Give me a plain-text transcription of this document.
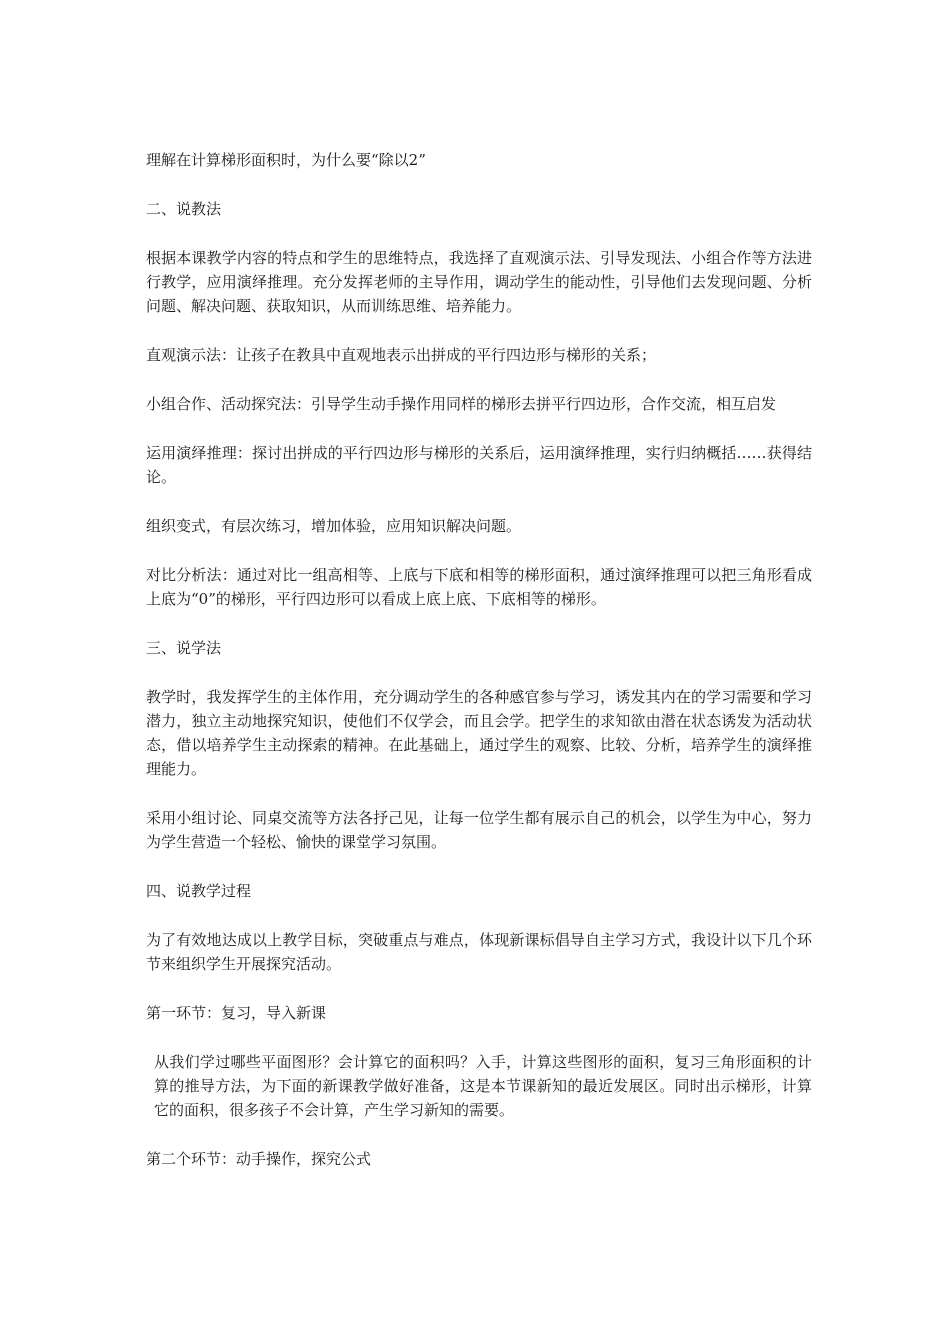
理解在计算梯形面积时，为什么要“除以2”

二、说教法

根据本课教学内容的特点和学生的思维特点，我选择了直观演示法、引导发现法、小组合作等方法进行教学，应用演绎推理。充分发挥老师的主导作用，调动学生的能动性，引导他们去发现问题、分析问题、解决问题、获取知识，从而训练思维、培养能力。

直观演示法：让孩子在教具中直观地表示出拼成的平行四边形与梯形的关系；

小组合作、活动探究法：引导学生动手操作用同样的梯形去拼平行四边形，合作交流，相互启发

运用演绎推理：探讨出拼成的平行四边形与梯形的关系后，运用演绎推理，实行归纳概括……获得结论。

组织变式，有层次练习，增加体验，应用知识解决问题。

对比分析法：通过对比一组高相等、上底与下底和相等的梯形面积，通过演绎推理可以把三角形看成上底为“0”的梯形，平行四边形可以看成上底上底、下底相等的梯形。

三、说学法

教学时，我发挥学生的主体作用，充分调动学生的各种感官参与学习，诱发其内在的学习需要和学习潜力，独立主动地探究知识，使他们不仅学会，而且会学。把学生的求知欲由潜在状态诱发为活动状态，借以培养学生主动探索的精神。在此基础上，通过学生的观察、比较、分析，培养学生的演绎推理能力。

采用小组讨论、同桌交流等方法各抒己见，让每一位学生都有展示自己的机会，以学生为中心，努力为学生营造一个轻松、愉快的课堂学习氛围。

四、说教学过程

为了有效地达成以上教学目标，突破重点与难点，体现新课标倡导自主学习方式，我设计以下几个环节来组织学生开展探究活动。

第一环节：复习，导入新课

从我们学过哪些平面图形？会计算它的面积吗？入手，计算这些图形的面积，复习三角形面积的计算的推导方法，为下面的新课教学做好准备，这是本节课新知的最近发展区。同时出示梯形，计算它的面积，很多孩子不会计算，产生学习新知的需要。

第二个环节：动手操作，探究公式
